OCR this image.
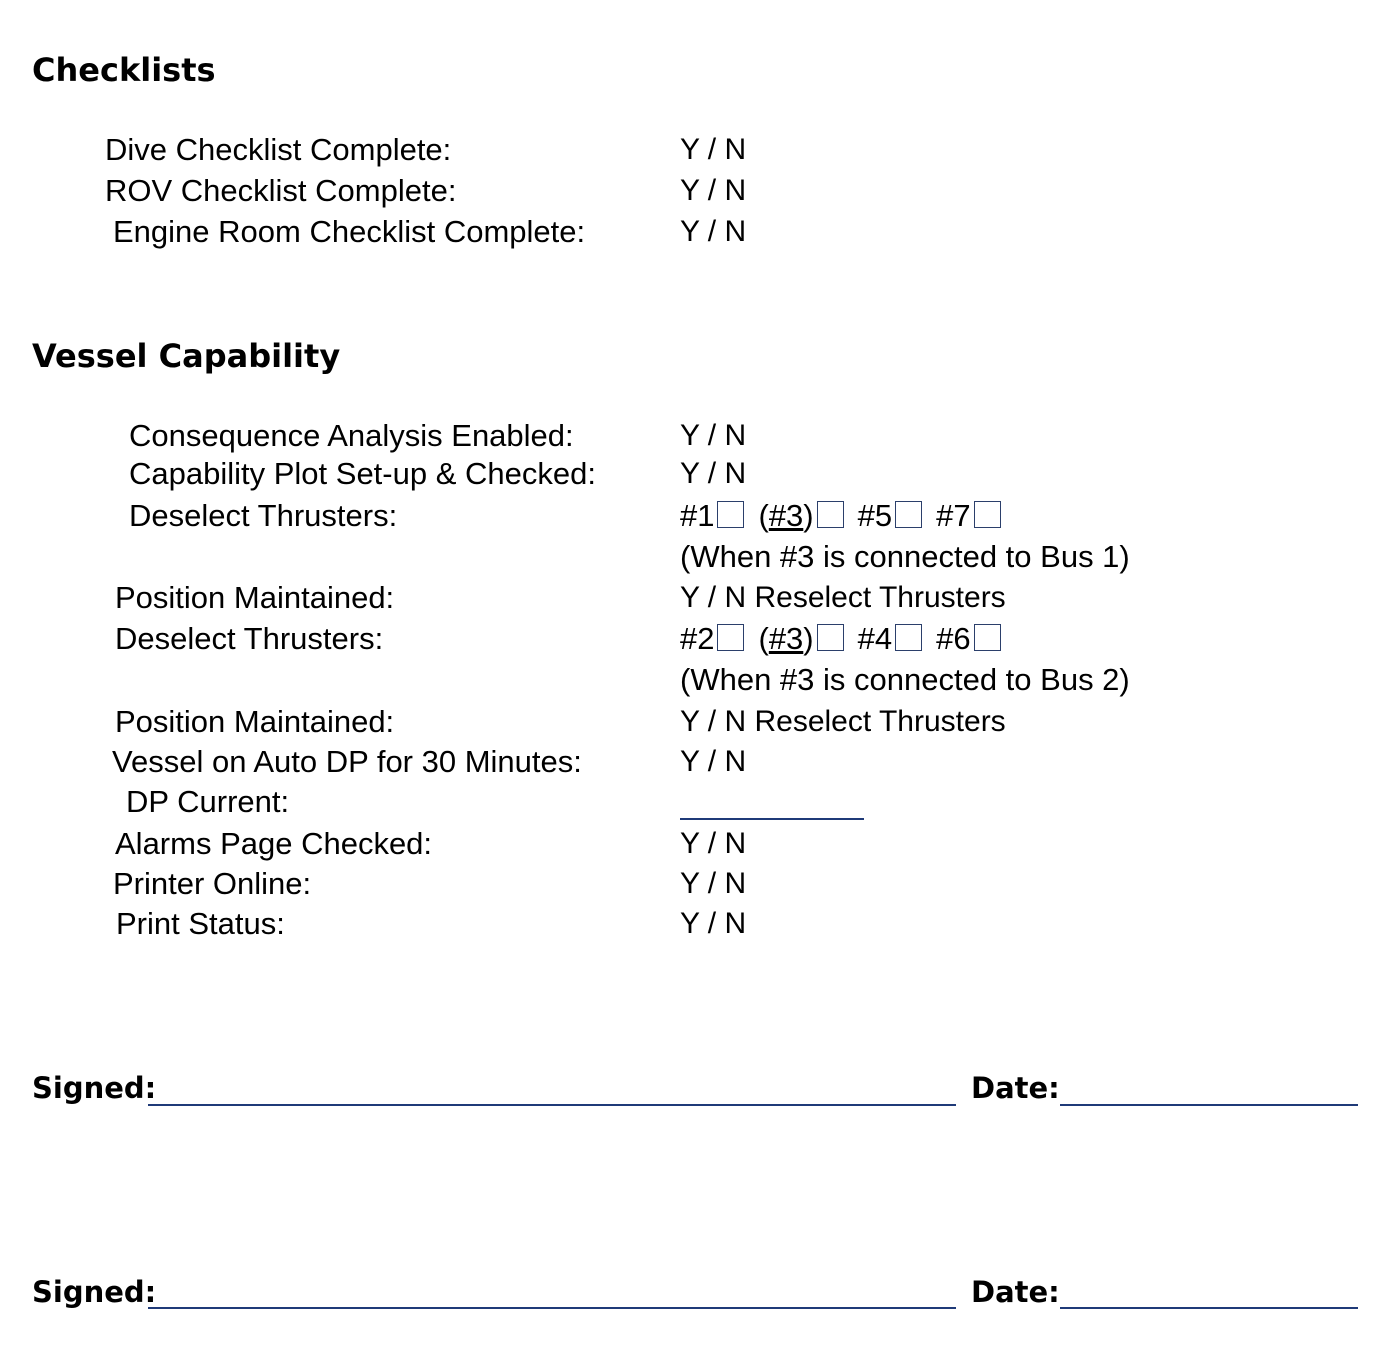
Checklists
Dive Checklist Complete:	Y / N
ROV Checklist Complete:	Y / N
Engine Room Checklist Complete:	Y / N
Vessel Capability
Consequence Analysis Enabled:	Y / N
Capability Plot Set-up & Checked:	Y / N
Deselect Thrusters:	#1 (#3) #5 #7
(When #3 is connected to Bus 1)
Position Maintained:	Y / N Reselect Thrusters
Deselect Thrusters:	#2 (#3) #4 #6
(When #3 is connected to Bus 2)
Position Maintained:	Y / N Reselect Thrusters
Vessel on Auto DP for 30 Minutes:	Y / N
DP Current:
Alarms Page Checked:	Y / N
Printer Online:	Y / N
Print Status:	Y / N
Signed:	Date:
Signed:	Date:
